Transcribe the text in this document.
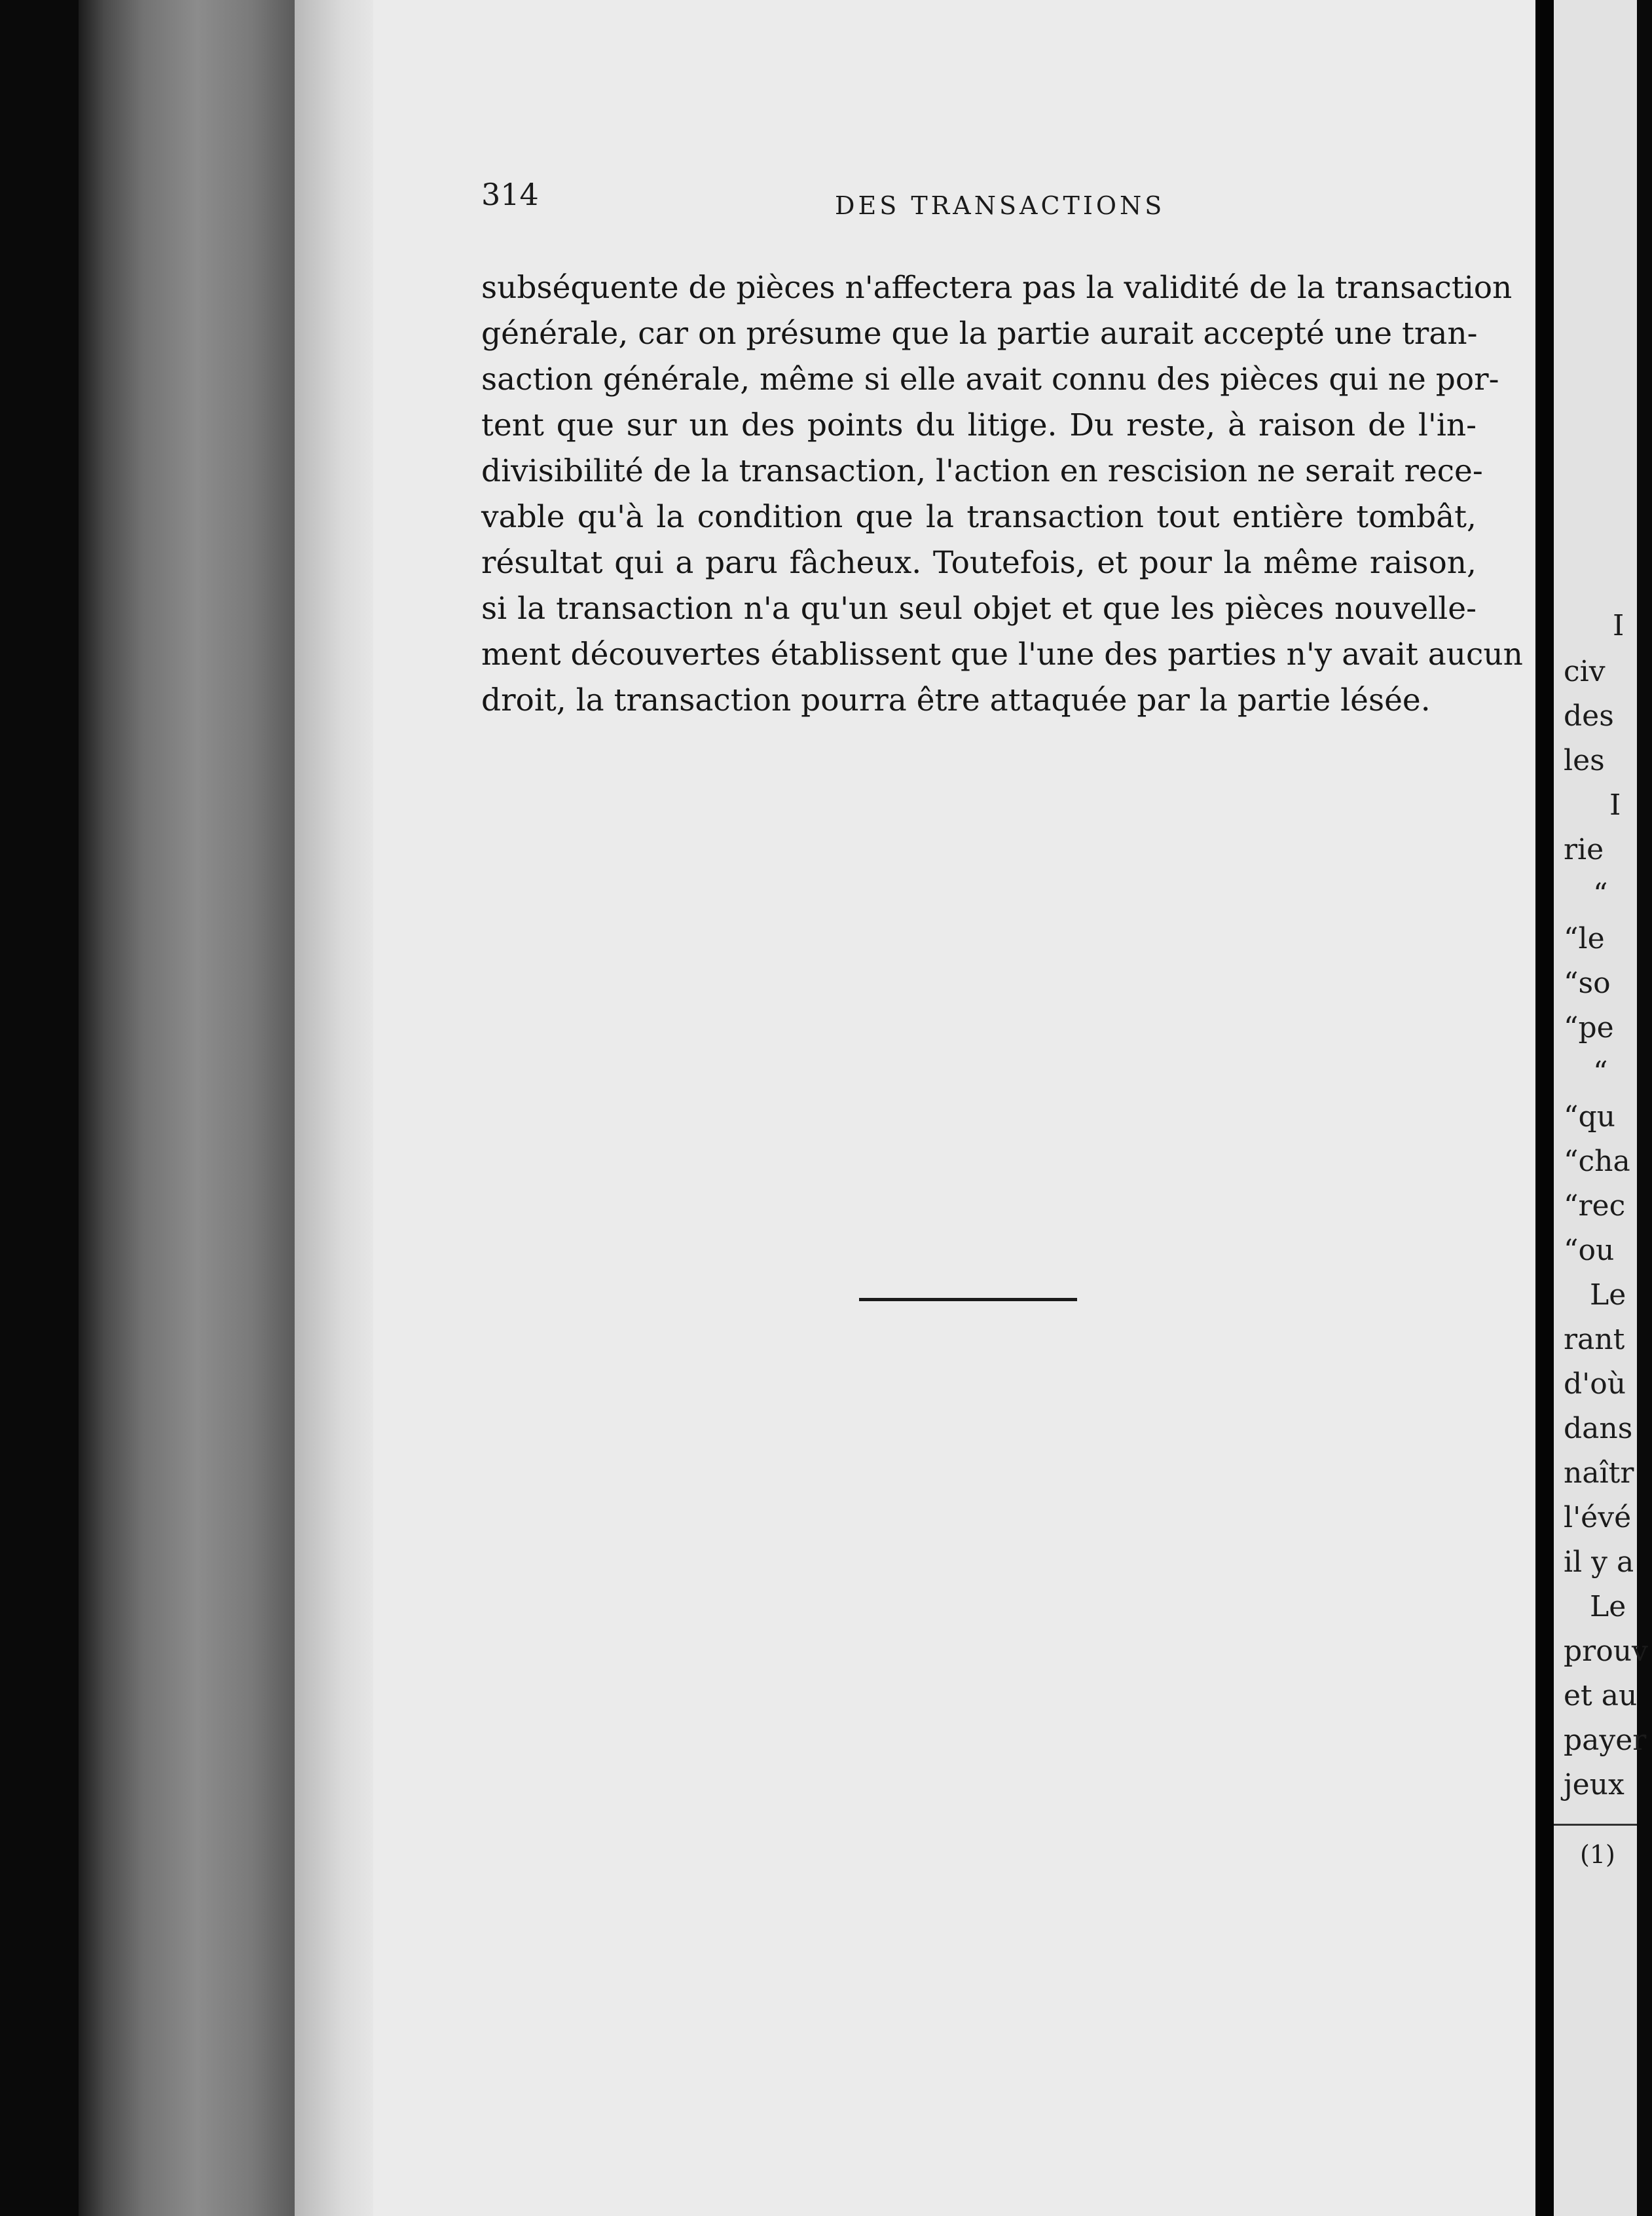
314	DES TRANSACTIONS
subséquente de pièces n'affectera pas la validité de la transaction
générale, car on présume que la partie aurait accepté une tran-
saction générale, même si elle avait connu des pièces qui ne por-
tent que sur un des points du litige. Du reste, à raison de l'in-
divisibilité de la transaction, l'action en rescision ne serait rece-
vable qu'à la condition que la transaction tout entière tombât,
résultat qui a paru fâcheux. Toutefois, et pour la même raison,
si la transaction n'a qu'un seul objet et que les pièces nouvelle-
ment découvertes établissent que l'une des parties n'y avait aucun
droit, la transaction pourra être attaquée par la partie lésée.
I
civ
des
les
I
rie
“
“le
“so
“pe
“
“qu
“cha
“rec
“ou
Le
rant
d'où
dans
naîtr
l'évé
il y a
Le
prouv
et au
payer
jeux
(1)
